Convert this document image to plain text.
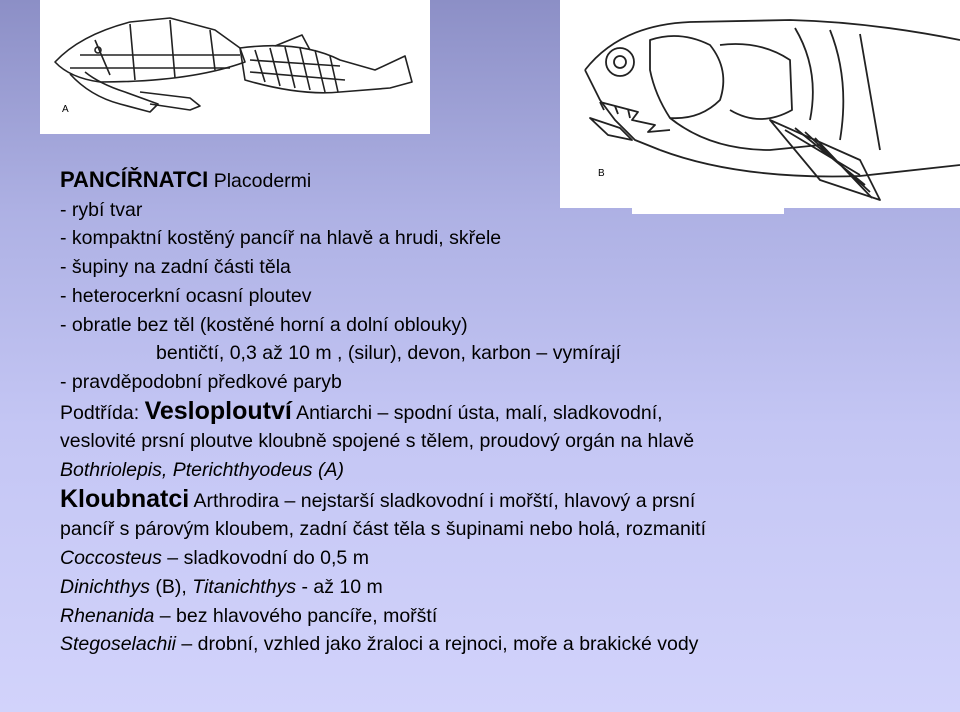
A
B
PANCÍŘNATCI Placodermi
- rybí tvar
- kompaktní kostěný pancíř na hlavě a hrudi, skřele
- šupiny na zadní části těla
- heterocerkní ocasní ploutev
- obratle bez těl (kostěné horní a dolní oblouky)
bentičtí, 0,3 až 10 m , (silur), devon, karbon – vymírají
- pravděpodobní předkové paryb
Podtřída: Vesloploutví Antiarchi – spodní ústa, malí, sladkovodní,
veslovité prsní ploutve kloubně spojené s tělem, proudový orgán na hlavě
Bothriolepis, Pterichthyodeus (A)
Kloubnatci Arthrodira – nejstarší sladkovodní i mořští, hlavový a prsní
pancíř s párovým kloubem, zadní část těla s šupinami nebo holá, rozmanití
Coccosteus – sladkovodní do 0,5 m
Dinichthys (B), Titanichthys - až 10 m
Rhenanida – bez hlavového pancíře, mořští
Stegoselachii – drobní, vzhled jako žraloci a rejnoci, moře a brakické vody
